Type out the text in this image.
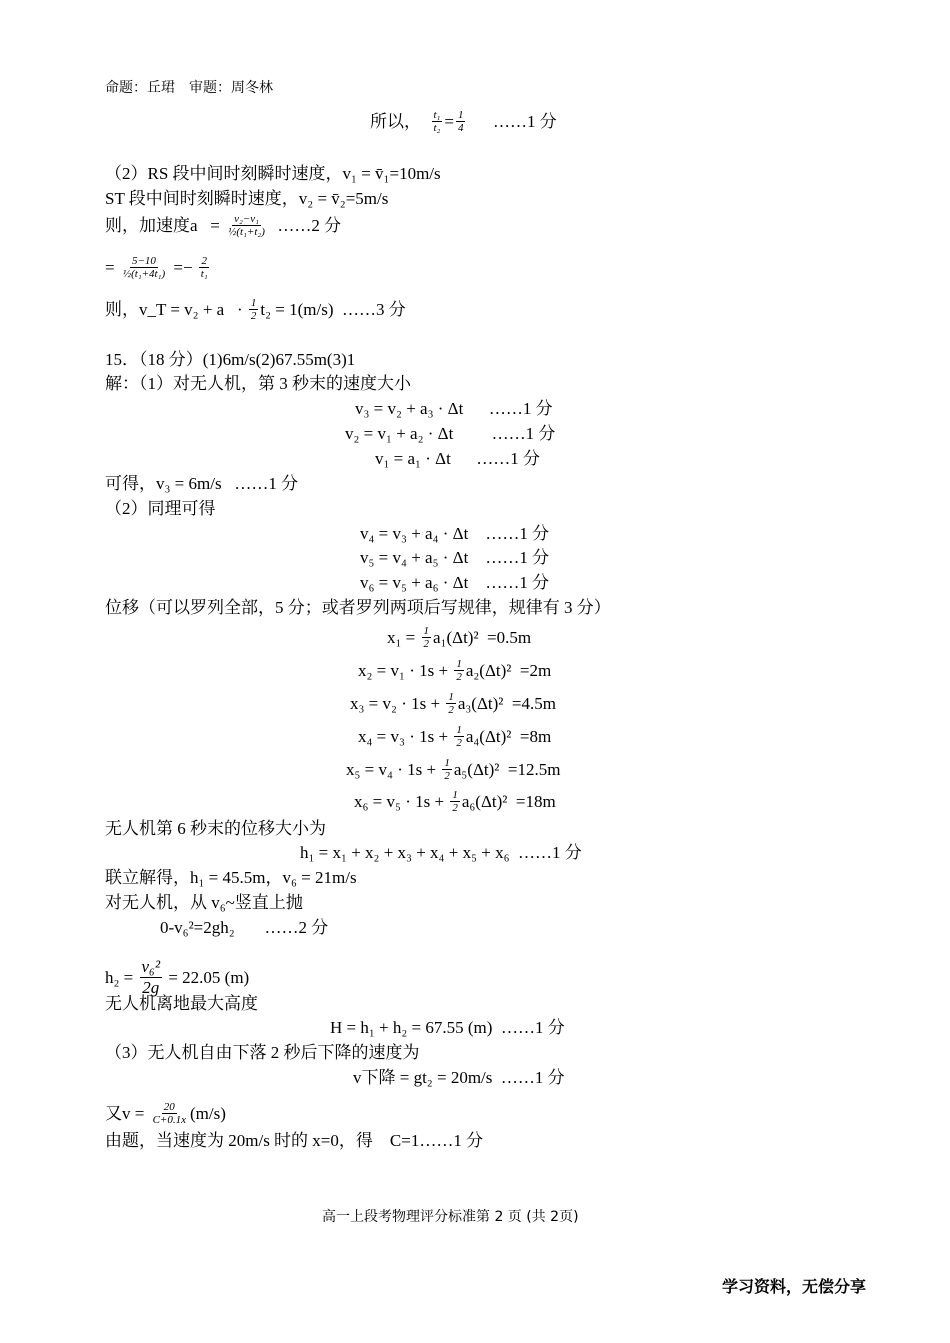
命题：丘珺　审题：周冬林
所以， $\frac{\text{t₁}}{\text{t₂}} = \frac{1}{4}$ ……1 分
（2）RS 段中间时刻瞬时速度，v₁ = v̄₁=10m/s
ST 段中间时刻瞬时速度，v₂ = v̄₂=5m/s
则，加速度$a = \frac{\text{v₂−v₁}}{\text{½(t₁+t₂)}}$ ……2 分
= $\frac{5-10}{\text{½(t₁+4t₁)}} =- \frac{2}{\text{t₁}}$
则，v_T = $v_2 + a \cdot \frac{1}{2} t_2 = 1(m/s)$  ……3 分
15．（18 分）(1)6m/s(2)67.55m(3)1
解：（1）对无人机，第 3 秒末的速度大小
v₃ = v₂ + a₃ · Δt      ……1 分
v₂ = v₁ + a₂ · Δt         ……1 分
v₁ = a₁ · Δt      ……1 分
可得，v₃ = 6m/s   ……1 分
（2）同理可得
v₄ = v₃ + a₄ · Δt    ……1 分
v₅ = v₄ + a₅ · Δt    ……1 分
v₆ = v₅ + a₆ · Δt    ……1 分
位移（可以罗列全部，5 分；或者罗列两项后写规律，规律有 3 分）
$x_1 = \frac{1}{2} a_1(\Delta t)^2 =0.5m$
$x_2 = v_1 \cdot 1s + \frac{1}{2} a_2(\Delta t)^2 =2m$
$x_3 = v_2 \cdot 1s + \frac{1}{2} a_3(\Delta t)^2 =4.5m$
$x_4 = v_3 \cdot 1s + \frac{1}{2} a_4(\Delta t)^2 =8m$
$x_5 = v_4 \cdot 1s + \frac{1}{2} a_5(\Delta t)^2 =12.5m$
$x_6 = v_5 \cdot 1s + \frac{1}{2} a_6(\Delta t)^2 =18m$
无人机第 6 秒末的位移大小为
h₁ = x₁ + x₂ + x₃ + x₄ + x₅ + x₆  ……1 分
联立解得，h₁ = 45.5m，v₆ = 21m/s
对无人机，从 v₆~竖直上抛
0-v₆²=2gh₂       ……2 分
$h_2 = \frac{\text{v₆²}}{2g} = 22.05$ (m)
无人机离地最大高度
H = h₁ + h₂ = 67.55 (m)  ……1 分
（3）无人机自由下落 2 秒后下降的速度为
v下降 = gt₂ = 20m/s  ……1 分
又$v = \frac{20}{C+0.1x} (m/s)$
由题，当速度为 20m/s 时的 x=0，得    C=1……1 分
高一上段考物理评分标准第 2 页 (共 2页)
学习资料，无偿分享
